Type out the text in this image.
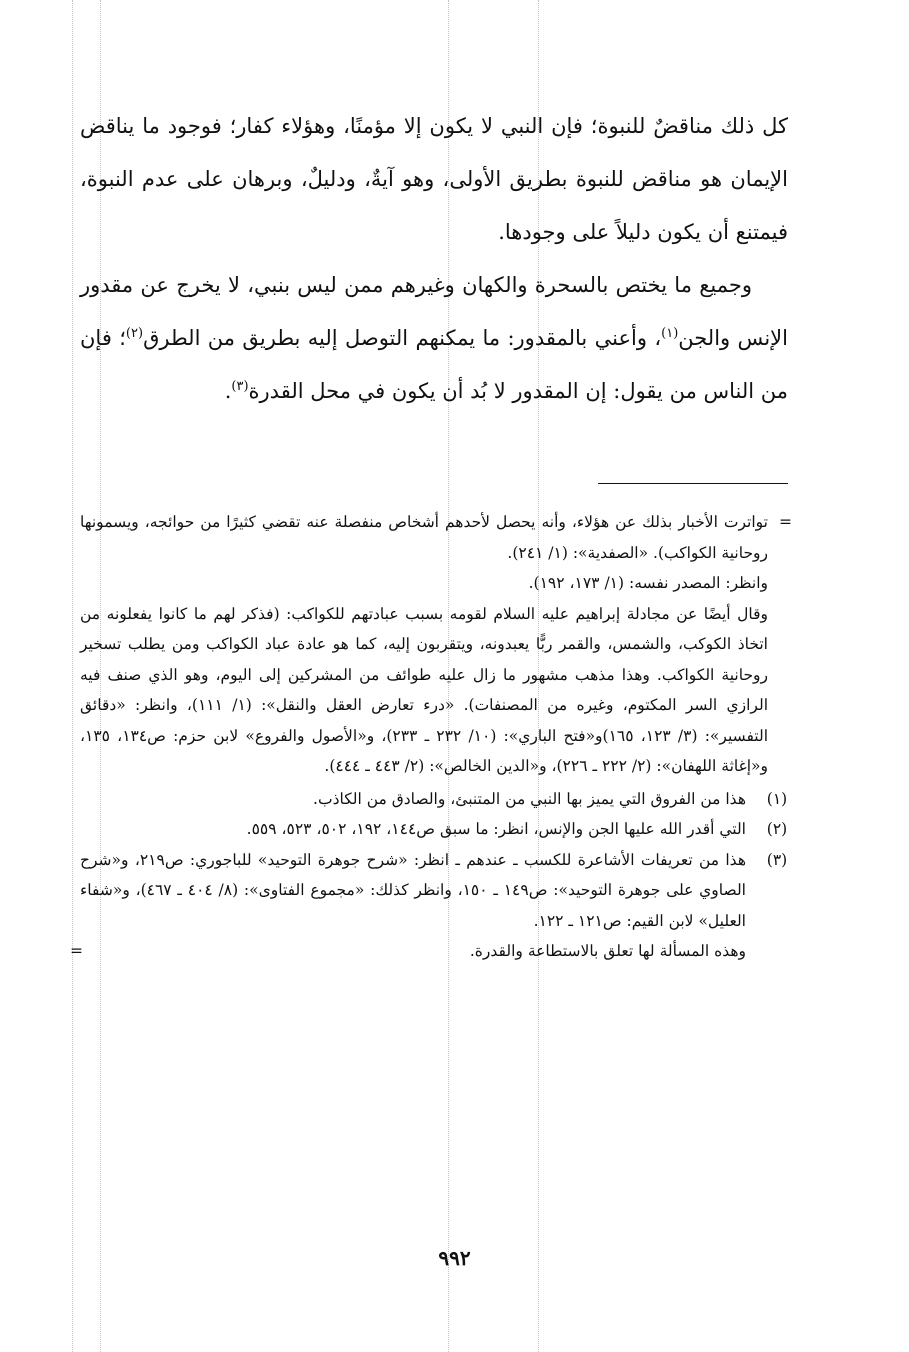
كل ذلك مناقضٌ للنبوة؛ فإن النبي لا يكون إلا مؤمنًا، وهؤلاء كفار؛ فوجود ما يناقض الإيمان هو مناقض للنبوة بطريق الأولى، وهو آيةٌ، ودليلٌ، وبرهان على عدم النبوة، فيمتنع أن يكون دليلاً على وجودها.

وجميع ما يختص بالسحرة والكهان وغيرهم ممن ليس بنبي، لا يخرج عن مقدور الإنس والجن$^{(١)}$، وأعني بالمقدور: ما يمكنهم التوصل إليه بطريق من الطرق$^{(٢)}$؛ فإن من الناس من يقول: إن المقدور لا بُد أن يكون في محل القدرة$^{(٣)}$.

=
تواترت الأخبار بذلك عن هؤلاء، وأنه يحصل لأحدهم أشخاص منفصلة عنه تقضي كثيرًا من حوائجه، ويسمونها روحانية الكواكب). «الصفدية»: (١/ ٢٤١).
وانظر: المصدر نفسه: (١/ ١٧٣، ١٩٢).
وقال أيضًا عن مجادلة إبراهيم عليه السلام لقومه بسبب عبادتهم للكواكب: (فذكر لهم ما كانوا يفعلونه من اتخاذ الكوكب، والشمس، والقمر ربًّا يعبدونه، ويتقربون إليه، كما هو عادة عباد الكواكب ومن يطلب تسخير روحانية الكواكب. وهذا مذهب مشهور ما زال عليه طوائف من المشركين إلى اليوم، وهو الذي صنف فيه الرازي السر المكتوم، وغيره من المصنفات). «درء تعارض العقل والنقل»: (١/ ١١١)، وانظر: «دقائق التفسير»: (٣/ ١٢٣، ١٦٥)و«فتح الباري»: (١٠/ ٢٣٢ ـ ٢٣٣)، و«الأصول والفروع» لابن حزم: ص١٣٤، ١٣٥، و«إغاثة اللهفان»: (٢/ ٢٢٢ ـ ٢٢٦)، و«الدين الخالص»: (٢/ ٤٤٣ ـ ٤٤٤).
(١)
هذا من الفروق التي يميز بها النبي من المتنبئ، والصادق من الكاذب.
(٢)
التي أقدر الله عليها الجن والإنس، انظر: ما سبق ص١٤٤، ١٩٢، ٥٠٢، ٥٢٣، ٥٥٩.
(٣)
هذا من تعريفات الأشاعرة للكسب ـ عندهم ـ انظر: «شرح جوهرة التوحيد» للباجوري: ص٢١٩، و«شرح الصاوي على جوهرة التوحيد»: ص١٤٩ ـ ١٥٠، وانظر كذلك: «مجموع الفتاوى»: (٨/ ٤٠٤ ـ ٤٦٧)، و«شفاء العليل» لابن القيم: ص١٢١ ـ ١٢٢.
وهذه المسألة لها تعلق بالاستطاعة والقدرة.
=
٩٩٢
